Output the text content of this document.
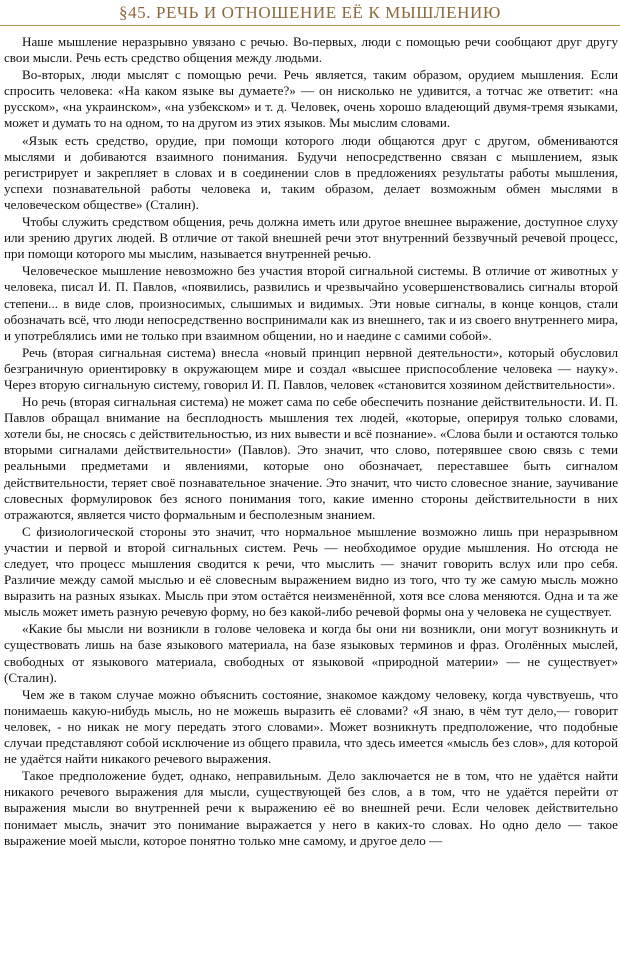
§45. РЕЧЬ И ОТНОШЕНИЕ ЕЁ К МЫШЛЕНИЮ

Наше мышление неразрывно увязано с речью. Во-первых, люди с помощью речи сообщают друг другу свои мысли. Речь есть средство общения между людьми.

Во-вторых, люди мыслят с помощью речи. Речь является, таким образом, орудием мышления. Если спросить человека: «На каком языке вы думаете?» — он нисколько не удивится, а тотчас же ответит: «на русском», «на украинском», «на узбекском» и т. д. Человек, очень хорошо владеющий двумя-тремя языками, может и думать то на одном, то на другом из этих языков. Мы мыслим словами.

«Язык есть средство, орудие, при помощи которого люди общаются друг с другом, обмениваются мыслями и добиваются взаимного понимания. Будучи непосредственно связан с мышлением, язык регистрирует и закрепляет в словах и в соединении слов в предложениях результаты работы мышления, успехи познавательной работы человека и, таким образом, делает возможным обмен мыслями в человеческом обществе» (Сталин).

Чтобы служить средством общения, речь должна иметь или другое внешнее выражение, доступное слуху или зрению других людей. В отличие от такой внешней речи этот внутренний беззвучный речевой процесс, при помощи которого мы мыслим, называется внутренней речью.

Человеческое мышление невозможно без участия второй сигнальной системы. В отличие от животных у человека, писал И. П. Павлов, «появились, развились и чрезвычайно усовершенствовались сигналы второй степени... в виде слов, произносимых, слышимых и видимых. Эти новые сигналы, в конце концов, стали обозначать всё, что люди непосредственно воспринимали как из внешнего, так и из своего внутреннего мира, и употреблялись ими не только при взаимном общении, но и наедине с самими собой».

Речь (вторая сигнальная система) внесла «новый принцип нервной деятельности», который обусловил безграничную ориентировку в окружающем мире и создал «высшее приспособление человека — науку». Через вторую сигнальную систему, говорил И. П. Павлов, человек «становится хозяином действительности».

Но речь (вторая сигнальная система) не может сама по себе обеспечить познание действительности. И. П. Павлов обращал внимание на бесплодность мышления тех людей, «которые, оперируя только словами, хотели бы, не сносясь с действительностью, из них вывести и всё познание». «Слова были и остаются только вторыми сигналами действительности» (Павлов). Это значит, что слово, потерявшее свою связь с теми реальными предметами и явлениями, которые оно обозначает, переставшее быть сигналом действительности, теряет своё познавательное значение. Это значит, что чисто словесное знание, заучивание словесных формулировок без ясного понимания того, какие именно стороны действительности в них отражаются, является чисто формальным и бесполезным знанием.

С физиологической стороны это значит, что нормальное мышление возможно лишь при неразрывном участии и первой и второй сигнальных систем. Речь — необходимое орудие мышления. Но отсюда не следует, что процесс мышления сводится к речи, что мыслить — значит говорить вслух или про себя. Различие между самой мыслью и её словесным выражением видно из того, что ту же самую мысль можно выразить на разных языках. Мысль при этом остаётся неизменённой, хотя все слова меняются. Одна и та же мысль может иметь разную речевую форму, но без какой-либо речевой формы она у человека не существует.

«Какие бы мысли ни возникли в голове человека и когда бы они ни возникли, они могут возникнуть и существовать лишь на базе языкового материала, на базе языковых терминов и фраз. Оголённых мыслей, свободных от языкового материала, свободных от языковой «природной материи» — не существует» (Сталин).

Чем же в таком случае можно объяснить состояние, знакомое каждому человеку, когда чувствуешь, что понимаешь какую-нибудь мысль, но не можешь выразить её словами? «Я знаю, в чём тут дело,— говорит человек, - но никак не могу передать этого словами». Может возникнуть предположение, что подобные случаи представляют собой исключение из общего правила, что здесь имеется «мысль без слов», для которой не удаётся найти никакого речевого выражения.

Такое предположение будет, однако, неправильным. Дело заключается не в том, что не удаётся найти никакого речевого выражения для мысли, существующей без слов, а в том, что не удаётся перейти от выражения мысли во внутренней речи к выражению её во внешней речи. Если человек действительно понимает мысль, значит это понимание выражается у него в каких-то словах. Но одно дело — такое выражение моей мысли, которое понятно только мне самому, и другое дело —
